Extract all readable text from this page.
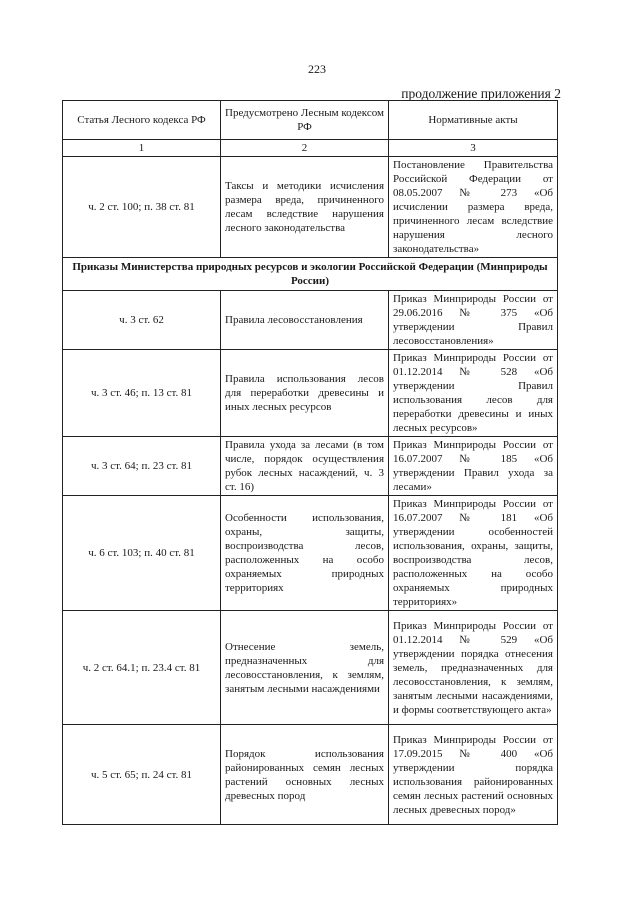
223
продолжение приложения 2
Статья Лесного кодекса РФ	Предусмотрено Лесным кодексом РФ	Нормативные акты
1	2	3
ч. 2 ст. 100; п. 38 ст. 81	Таксы и методики исчисления размера вреда, причиненного лесам вследствие нарушения лесного законодательства	Постановление Правительства Российской Федерации от 08.05.2007 № 273 «Об исчислении размера вреда, причиненного лесам вследствие нарушения лесного законодательства»
Приказы Министерства природных ресурсов и экологии Российской Федерации (Минприроды России)		
ч. 3 ст. 62	Правила лесовосстановления	Приказ Минприроды России от 29.06.2016 № 375 «Об утверждении Правил лесовосстановления»
ч. 3 ст. 46; п. 13 ст. 81	Правила использования лесов для переработки древесины и иных лесных ресурсов	Приказ Минприроды России от 01.12.2014 № 528 «Об утверждении Правил использования лесов для переработки древесины и иных лесных ресурсов»
ч. 3 ст. 64; п. 23 ст. 81	Правила ухода за лесами (в том числе, порядок осуществления рубок лесных насаждений, ч. 3 ст. 16)	Приказ Минприроды России от 16.07.2007 № 185 «Об утверждении Правил ухода за лесами»
ч. 6 ст. 103; п. 40 ст. 81	Особенности использования, охраны, защиты, воспроизводства лесов, расположенных на особо охраняемых природных территориях	Приказ Минприроды России от 16.07.2007 № 181 «Об утверждении особенностей использования, охраны, защиты, воспроизводства лесов, расположенных на особо охраняемых природных территориях»
ч. 2 ст. 64.1; п. 23.4 ст. 81	Отнесение земель, предназначенных для лесовосстановления, к землям, занятым лесными насаждениями	Приказ Минприроды России от 01.12.2014 № 529 «Об утверждении порядка отнесения земель, предназначенных для лесовосстановления, к землям, занятым лесными насаждениями, и формы соответствующего акта»
ч. 5 ст. 65; п. 24 ст. 81	Порядок использования районированных семян лесных растений основных лесных древесных пород	Приказ Минприроды России от 17.09.2015 № 400 «Об утверждении порядка использования районированных семян лесных растений основных лесных древесных пород»
